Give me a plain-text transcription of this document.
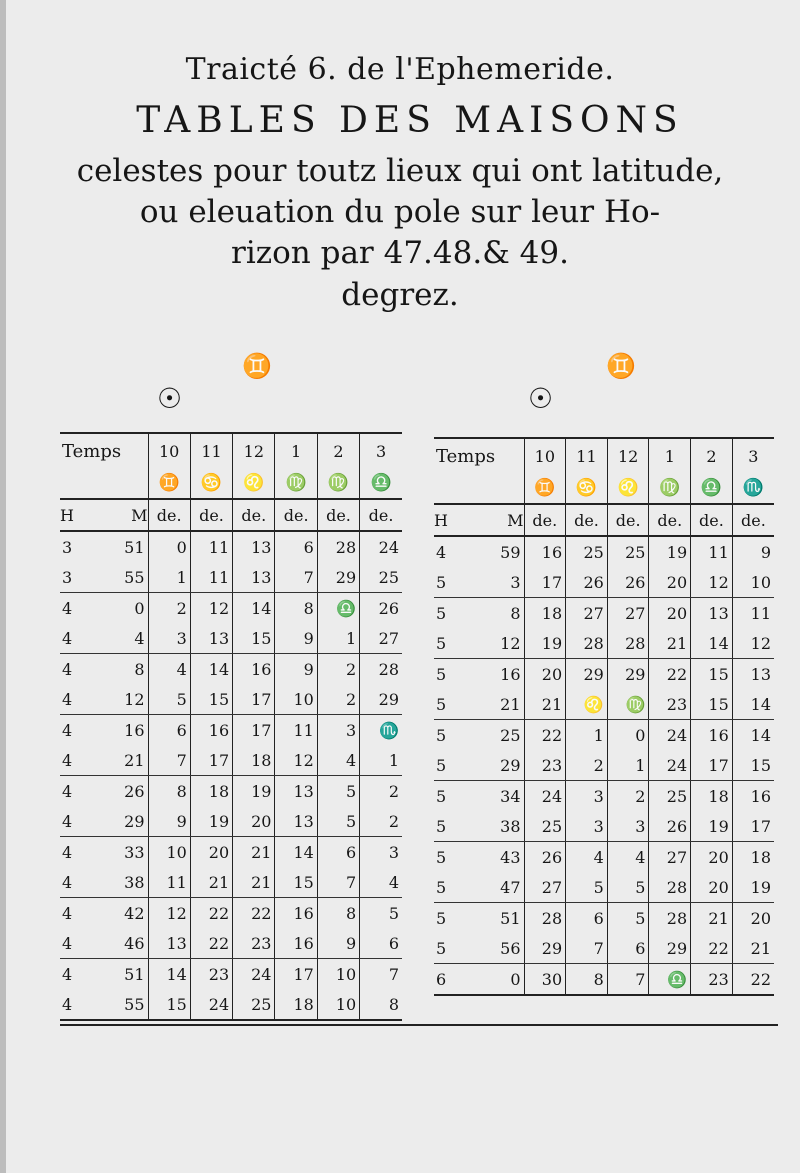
Traicté 6. de l'Ephemeride.
TABLES DES MAISONS
celestes pour toutz lieux qui ont latitude,
ou eleuation du pole sur leur Ho-
rizon par 47.48.& 49.
degrez.
♊	♊
☉	☉
Temps	10	11	12	1	2	3
	♊	♋	♌	♍	♍	♎

H M	de.	de.	de.	de.	de.	de.

3 51	0	11	13	6	28	24

3 55	1	11	13	7	29	25

4 0	2	12	14	8	♎	26

4 4	3	13	15	9	1	27

4 8	4	14	16	9	2	28

4 12	5	15	17	10	2	29

4 16	6	16	17	11	3	♏

4 21	7	17	18	12	4	1

4 26	8	18	19	13	5	2

4 29	9	19	20	13	5	2

4 33	10	20	21	14	6	3

4 38	11	21	21	15	7	4

4 42	12	22	22	16	8	5

4 46	13	22	23	16	9	6

4 51	14	23	24	17	10	7

4 55	15	24	25	18	10	8
Temps	10	11	12	1	2	3
	♊	♋	♌	♍	♎	♏

H M	de.	de.	de.	de.	de.	de.

4 59	16	25	25	19	11	9

5 3	17	26	26	20	12	10

5 8	18	27	27	20	13	11

5 12	19	28	28	21	14	12

5 16	20	29	29	22	15	13

5 21	21	♌	♍	23	15	14

5 25	22	1	0	24	16	14

5 29	23	2	1	24	17	15

5 34	24	3	2	25	18	16

5 38	25	3	3	26	19	17

5 43	26	4	4	27	20	18

5 47	27	5	5	28	20	19

5 51	28	6	5	28	21	20

5 56	29	7	6	29	22	21

6 0	30	8	7	♎	23	22
